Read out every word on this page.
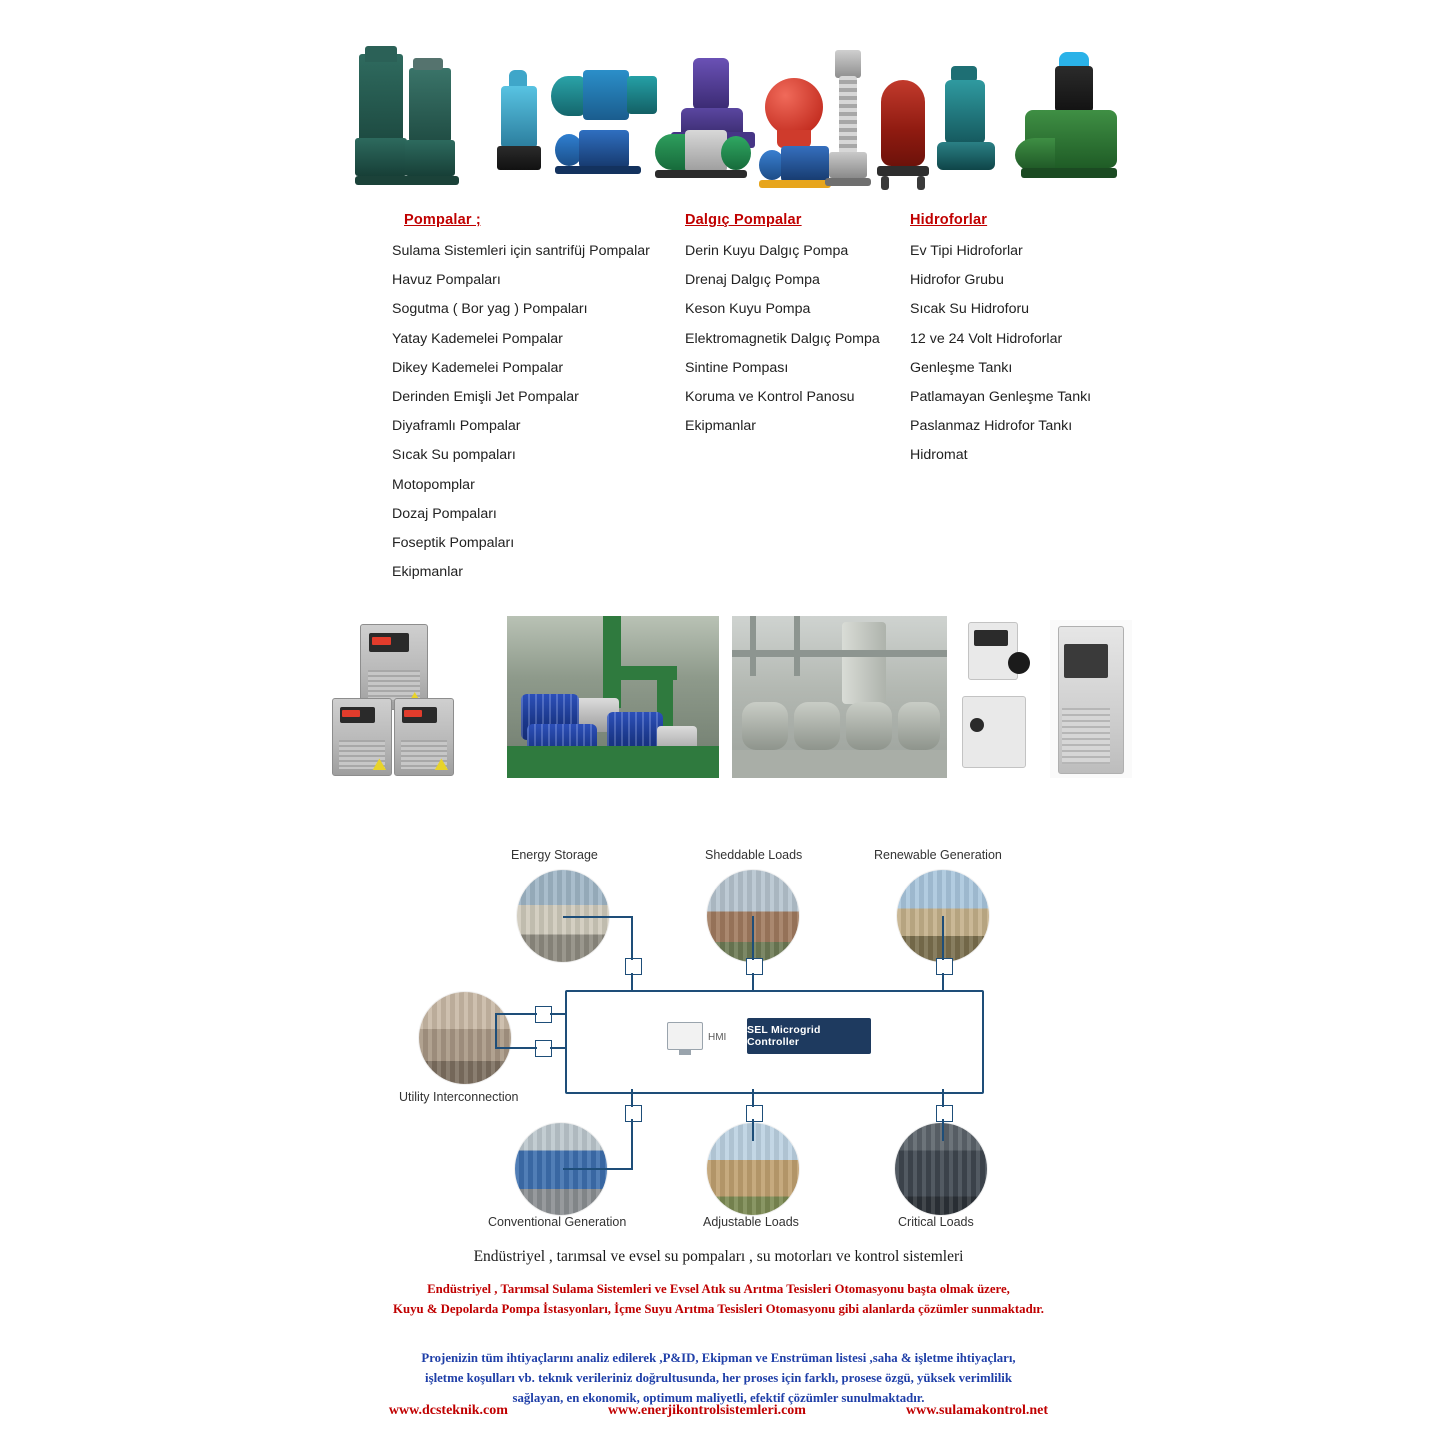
Pompalar ;
Sulama Sistemleri için santrifüj Pompalar
Havuz Pompaları
Sogutma ( Bor yag ) Pompaları
Yatay Kademelei Pompalar
Dikey Kademelei Pompalar
Derinden Emişli Jet Pompalar
Diyaframlı Pompalar
Sıcak Su pompaları
Motopomplar
Dozaj Pompaları
Foseptik Pompaları
Ekipmanlar
Dalgıç Pompalar
Derin Kuyu Dalgıç Pompa
Drenaj Dalgıç Pompa
Keson Kuyu Pompa
Elektromagnetik Dalgıç Pompa
Sintine Pompası
Koruma ve Kontrol Panosu
Ekipmanlar
Hidroforlar
Ev Tipi Hidroforlar
Hidrofor Grubu
Sıcak Su Hidroforu
12 ve 24 Volt Hidroforlar
Genleşme Tankı
Patlamayan Genleşme Tankı
Paslanmaz Hidrofor Tankı
Hidromat
Energy Storage	Sheddable Loads	Renewable Generation
Utility Interconnection
Conventional Generation	Adjustable Loads	Critical Loads
HMI
SEL Microgrid Controller
Endüstriyel , tarımsal ve evsel su pompaları , su motorları ve kontrol sistemleri
Endüstriyel , Tarımsal Sulama Sistemleri ve Evsel Atık su Arıtma Tesisleri Otomasyonu başta olmak üzere,
Kuyu & Depolarda Pompa İstasyonları, İçme Suyu Arıtma Tesisleri Otomasyonu gibi alanlarda çözümler sunmaktadır.
Projenizin tüm ihtiyaçlarını analiz edilerek ,P&ID, Ekipman ve Enstrüman listesi ,saha & işletme ihtiyaçları,
işletme koşulları vb. teknık verileriniz doğrultusunda, her proses için farklı, prosese özgü, yüksek verimlilik
sağlayan, en ekonomik, optimum maliyetli, efektif çözümler sunulmaktadır.
www.dcsteknik.com	www.enerjikontrolsistemleri.com	www.sulamakontrol.net
